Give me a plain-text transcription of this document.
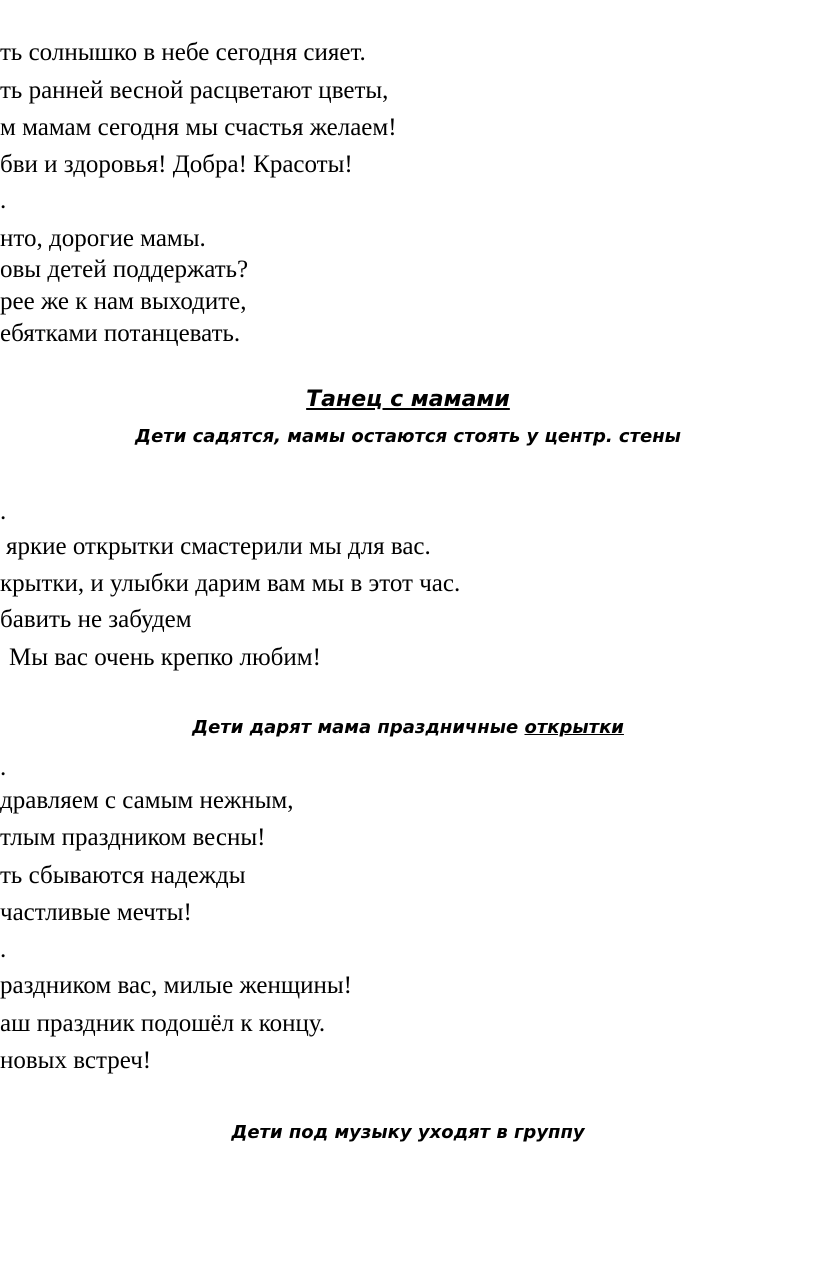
ть солнышко в небе сегодня сияет.
ть ранней весной расцветают цветы,
м мамам сегодня мы счастья желаем!
бви и здоровья! Добра! Красоты!
.
нто, дорогие мамы.
овы детей поддержать?
рее же к нам выходите,
ебятками потанцевать.
Танец с мамами
Дети садятся, мамы остаются стоять у центр. стены
.
яркие открытки смастерили мы для вас.
крытки, и улыбки дарим вам мы в этот час.
бавить не забудем
Мы вас очень крепко любим!
Дети дарят мама праздничные открытки
.
дравляем с самым нежным,
тлым праздником весны!
ть сбываются надежды
частливые мечты!
.
раздником вас, милые женщины!
аш праздник подошёл к концу.
новых встреч!
Дети под музыку уходят в группу
